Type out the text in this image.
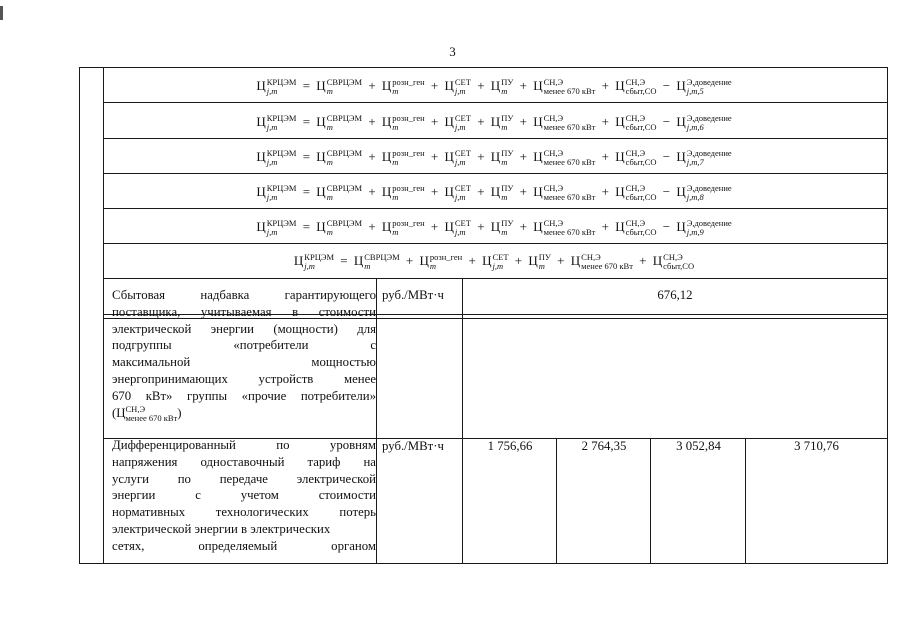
3
Ц КРЦЭМ
j,m	= Ц СВРЦЭМ
m	+ Ц розн_ген
m	+ Ц СЕТ
j,m + Ц ПУ
m + Ц СН,Э
менее 670 кВт + Ц СН,Э
сбыт,СО − Ц Э,доведение
j,m,5
Ц КРЦЭМ
j,m	= Ц СВРЦЭМ
m	+ Ц розн_ген
m	+ Ц СЕТ
j,m + Ц ПУ
m + Ц СН,Э
менее 670 кВт + Ц СН,Э
сбыт,СО − Ц Э,доведение
j,m,6
Ц КРЦЭМ
j,m	= Ц СВРЦЭМ
m	+ Ц розн_ген
m	+ Ц СЕТ
j,m + Ц ПУ
m + Ц СН,Э
менее 670 кВт + Ц СН,Э
сбыт,СО − Ц Э,доведение
j,m,7
Ц КРЦЭМ
j,m	= Ц СВРЦЭМ
m	+ Ц розн_ген
m	+ Ц СЕТ
j,m + Ц ПУ
m + Ц СН,Э
менее 670 кВт + Ц СН,Э
сбыт,СО − Ц Э,доведение
j,m,8
Ц КРЦЭМ
j,m	= Ц СВРЦЭМ
m	+ Ц розн_ген
m	+ Ц СЕТ
j,m + Ц ПУ
m + Ц СН,Э
менее 670 кВт + Ц СН,Э
сбыт,СО − Ц Э,доведение
j,m,9
Ц КРЦЭМ
j,m	= Ц СВРЦЭМ
m	+ Ц розн_ген
m	+ Ц СЕТ
j,m + Ц ПУ
m + Ц СН,Э
менее 670 кВт + Ц СН,Э
сбыт,СО
Сбытовая надбавка гарантирующего
поставщика, учитываемая в стоимости
электрической энергии (мощности) для
подгруппы «потребители с
максимальной мощностью
энергопринимающих устройств менее
670 кВт» группы «прочие потребители»
(Ц СН,Э
менее 670 кВт )
руб./МВт·ч	676,12
Дифференцированный по уровням
напряжения одноставочный тариф на
услуги по передаче электрической
энергии с учетом стоимости
нормативных технологических потерь
электрической энергии в электрических
сетях, определяемый органом
руб./МВт·ч	1 756,66	2 764,35	3 052,84	3 710,76
